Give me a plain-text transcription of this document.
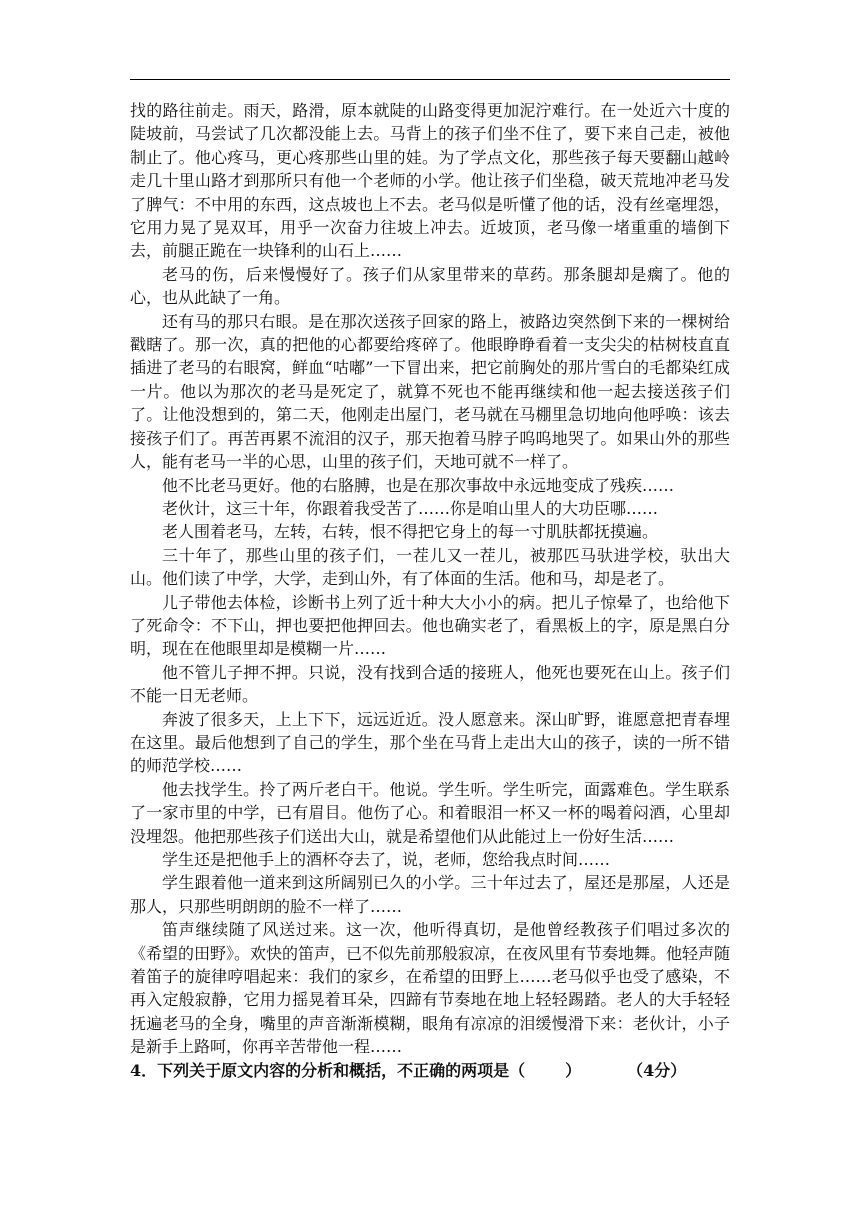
找的路往前走。雨天，路滑，原本就陡的山路变得更加泥泞难行。在一处近六十度的陡坡前，马尝试了几次都没能上去。马背上的孩子们坐不住了，要下来自己走，被他制止了。他心疼马，更心疼那些山里的娃。为了学点文化，那些孩子每天要翻山越岭走几十里山路才到那所只有他一个老师的小学。他让孩子们坐稳，破天荒地冲老马发了脾气：不中用的东西，这点坡也上不去。老马似是听懂了他的话，没有丝毫埋怨，它用力晃了晃双耳，用乎一次奋力往坡上冲去。近坡顶，老马像一堵重重的墙倒下去，前腿正跪在一块锋利的山石上……

老马的伤，后来慢慢好了。孩子们从家里带来的草药。那条腿却是瘸了。他的心，也从此缺了一角。

还有马的那只右眼。是在那次送孩子回家的路上，被路边突然倒下来的一棵树给戳瞎了。那一次，真的把他的心都要给疼碎了。他眼睁睁看着一支尖尖的枯树枝直直插进了老马的右眼窝，鲜血“咕嘟”一下冒出来，把它前胸处的那片雪白的毛都染红成一片。他以为那次的老马是死定了，就算不死也不能再继续和他一起去接送孩子们了。让他没想到的，第二天，他刚走出屋门，老马就在马棚里急切地向他呼唤：该去接孩子们了。再苦再累不流泪的汉子，那天抱着马脖子呜呜地哭了。如果山外的那些人，能有老马一半的心思，山里的孩子们，天地可就不一样了。

他不比老马更好。他的右胳膊，也是在那次事故中永远地变成了残疾……

老伙计，这三十年，你跟着我受苦了……你是咱山里人的大功臣哪……

老人围着老马，左转，右转，恨不得把它身上的每一寸肌肤都抚摸遍。

三十年了，那些山里的孩子们，一茬儿又一茬儿，被那匹马驮进学校，驮出大山。他们读了中学，大学，走到山外，有了体面的生活。他和马，却是老了。

儿子带他去体检，诊断书上列了近十种大大小小的病。把儿子惊晕了，也给他下了死命令：不下山，押也要把他押回去。他也确实老了，看黑板上的字，原是黑白分明，现在在他眼里却是模糊一片……

他不管儿子押不押。只说，没有找到合适的接班人，他死也要死在山上。孩子们不能一日无老师。

奔波了很多天，上上下下，远远近近。没人愿意来。深山旷野，谁愿意把青春埋在这里。最后他想到了自己的学生，那个坐在马背上走出大山的孩子，读的一所不错的师范学校……

他去找学生。拎了两斤老白干。他说。学生听。学生听完，面露难色。学生联系了一家市里的中学，已有眉目。他伤了心。和着眼泪一杯又一杯的喝着闷酒，心里却没埋怨。他把那些孩子们送出大山，就是希望他们从此能过上一份好生活……

学生还是把他手上的酒杯夺去了，说，老师，您给我点时间……

学生跟着他一道来到这所阔别已久的小学。三十年过去了，屋还是那屋，人还是那人，只那些明朗朗的脸不一样了……

笛声继续随了风送过来。这一次，他听得真切，是他曾经教孩子们唱过多次的《希望的田野》。欢快的笛声，已不似先前那般寂凉，在夜风里有节奏地舞。他轻声随着笛子的旋律哼唱起来：我们的家乡，在希望的田野上……老马似乎也受了感染，不再入定般寂静，它用力摇晃着耳朵，四蹄有节奏地在地上轻轻踢踏。老人的大手轻轻抚遍老马的全身，嘴里的声音渐渐模糊，眼角有凉凉的泪缓慢滑下来：老伙计，小子是新手上路呵，你再辛苦带他一程……

4．下列关于原文内容的分析和概括，不正确的两项是（	）	（4分）
